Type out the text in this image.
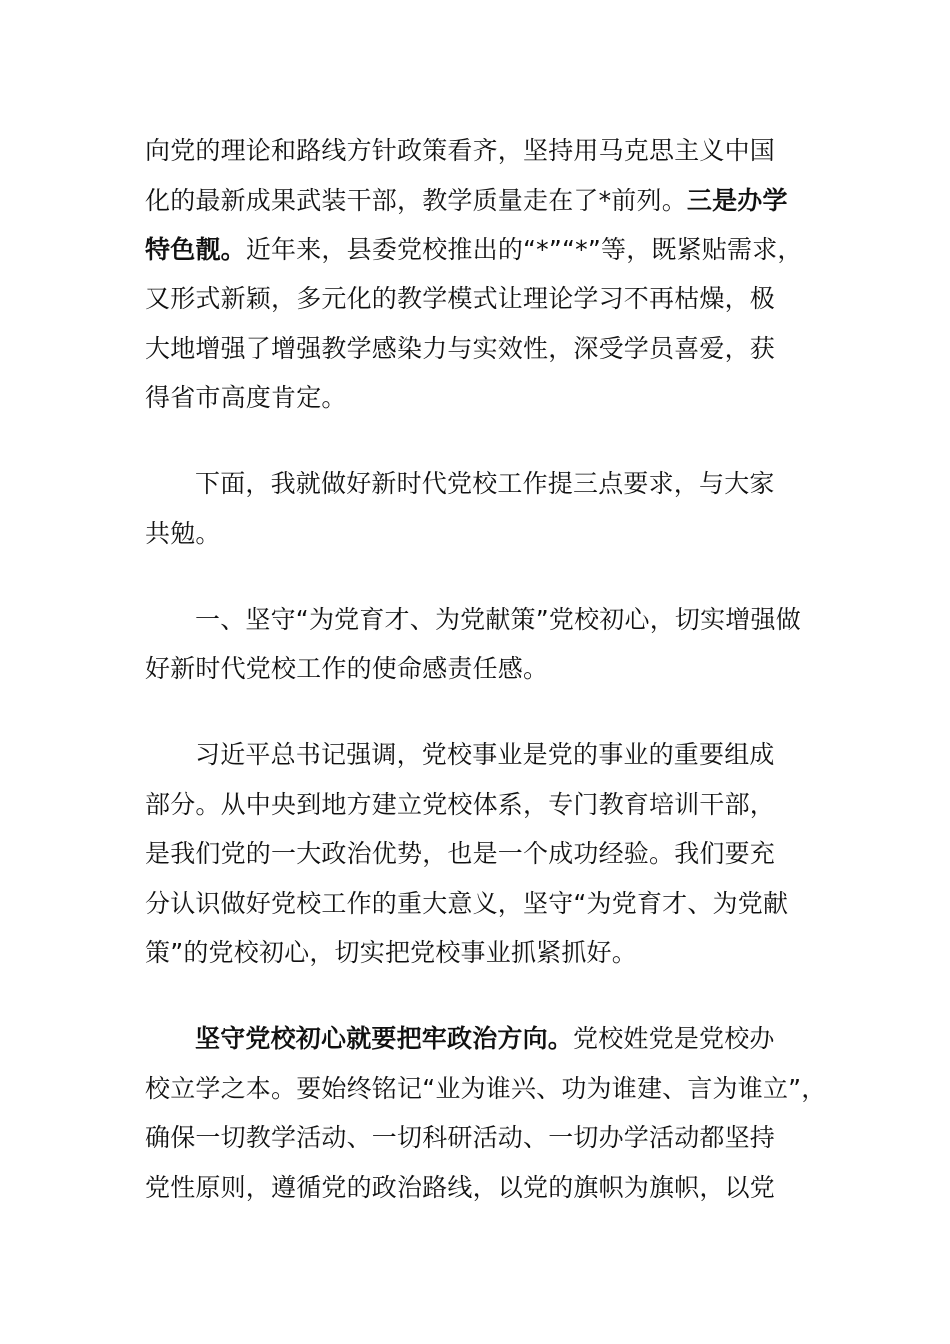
向党的理论和路线方针政策看齐，坚持用马克思主义中国
化的最新成果武装干部，教学质量走在了*前列。三是办学
特色靓。近年来，县委党校推出的“*”“*”等，既紧贴需求，
又形式新颖，多元化的教学模式让理论学习不再枯燥，极
大地增强了增强教学感染力与实效性，深受学员喜爱，获
得省市高度肯定。
下面，我就做好新时代党校工作提三点要求，与大家
共勉。
一、坚守“为党育才、为党献策”党校初心，切实增强做
好新时代党校工作的使命感责任感。
习近平总书记强调，党校事业是党的事业的重要组成
部分。从中央到地方建立党校体系，专门教育培训干部，
是我们党的一大政治优势，也是一个成功经验。我们要充
分认识做好党校工作的重大意义，坚守“为党育才、为党献
策”的党校初心，切实把党校事业抓紧抓好。
坚守党校初心就要把牢政治方向。党校姓党是党校办
校立学之本。要始终铭记“业为谁兴、功为谁建、言为谁立”，
确保一切教学活动、一切科研活动、一切办学活动都坚持
党性原则，遵循党的政治路线，以党的旗帜为旗帜，以党
